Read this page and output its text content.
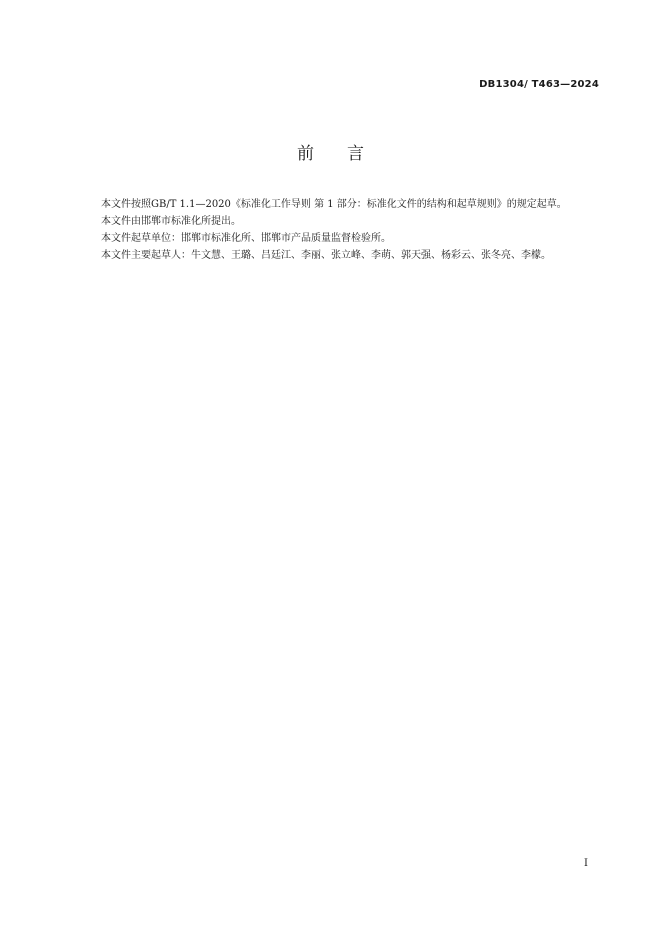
DB1304/ T463—2024
前 言

本文件按照GB/T 1.1—2020《标准化工作导则 第 1 部分：标准化文件的结构和起草规则》的规定起草。

本文件由邯郸市标准化所提出。

本文件起草单位：邯郸市标准化所、邯郸市产品质量监督检验所。

本文件主要起草人：牛文慧、王璐、吕廷江、李丽、张立峰、李萌、郭天强、杨彩云、张冬亮、李檬。

I
